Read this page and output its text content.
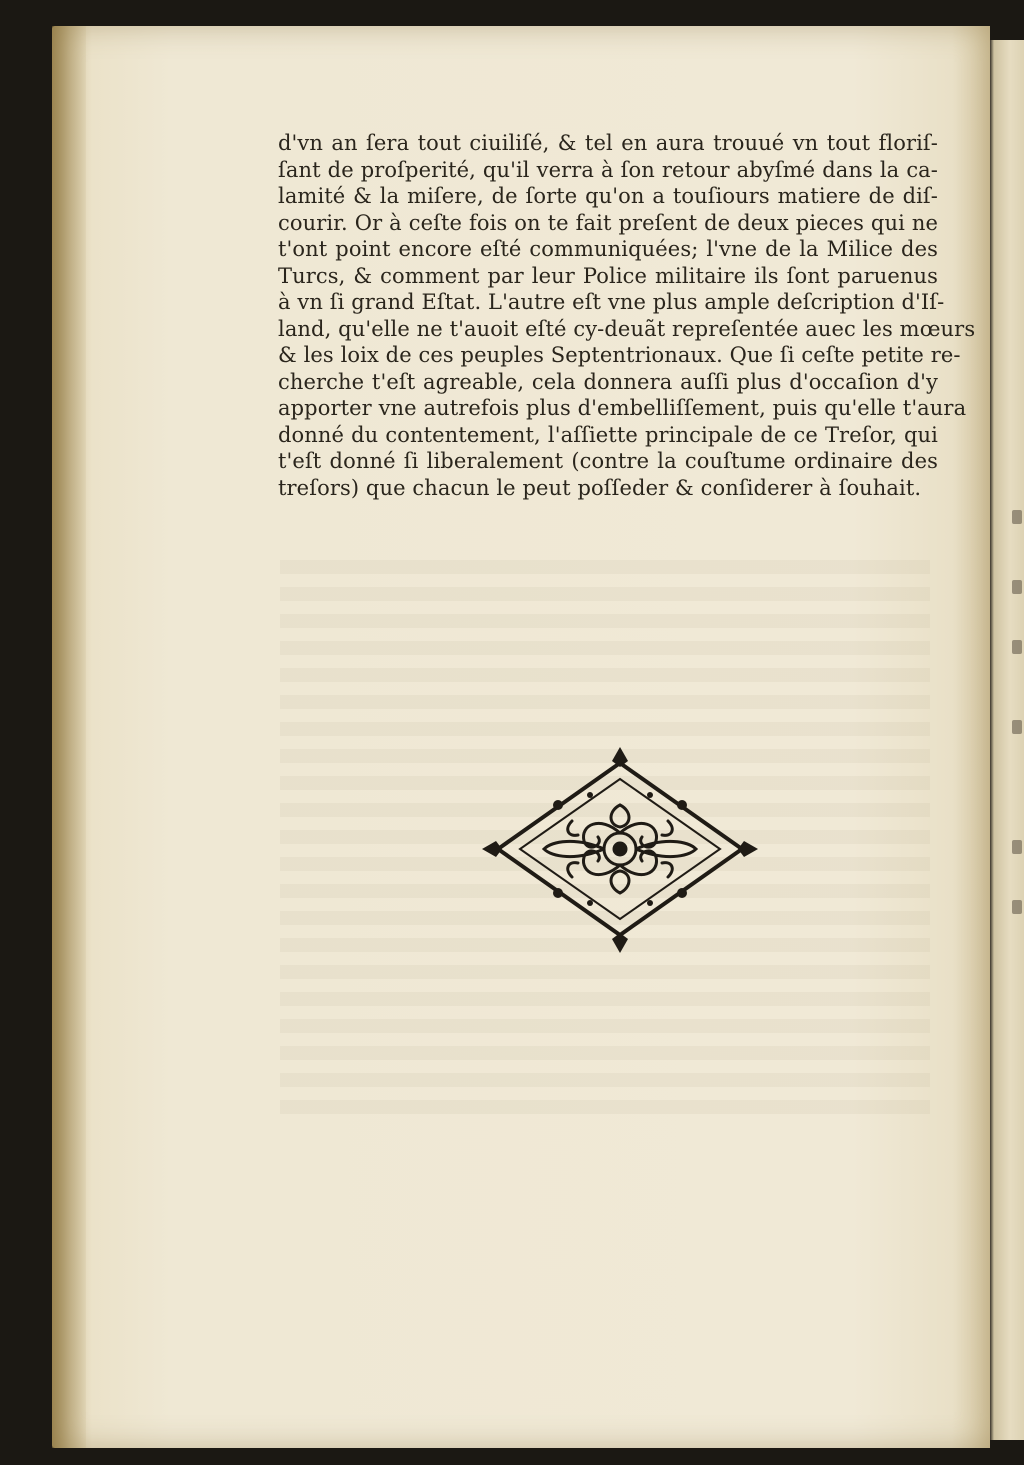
d'vn an ſera tout ciuiliſé, & tel en aura trouué vn tout floriſ-
ſant de proſperité, qu'il verra à ſon retour abyſmé dans la ca-
lamité & la miſere, de ſorte qu'on a touſiours matiere de diſ-
courir. Or à ceſte fois on te fait preſent de deux pieces qui ne
t'ont point encore eſté communiquées; l'vne de la Milice des
Turcs, & comment par leur Police militaire ils ſont paruenus
à vn ſi grand Eſtat. L'autre eſt vne plus ample deſcription d'Iſ-
land, qu'elle ne t'auoit eſté cy-deuãt repreſentée auec les mœurs
& les loix de ces peuples Septentrionaux. Que ſi ceſte petite re-
cherche t'eſt agreable, cela donnera auſſi plus d'occaſion d'y
apporter vne autrefois plus d'embelliſſement, puis qu'elle t'aura
donné du contentement, l'aſſiette principale de ce Treſor, qui
t'eſt donné ſi liberalement (contre la couſtume ordinaire des
treſors) que chacun le peut poſſeder & conſiderer à ſouhait.
